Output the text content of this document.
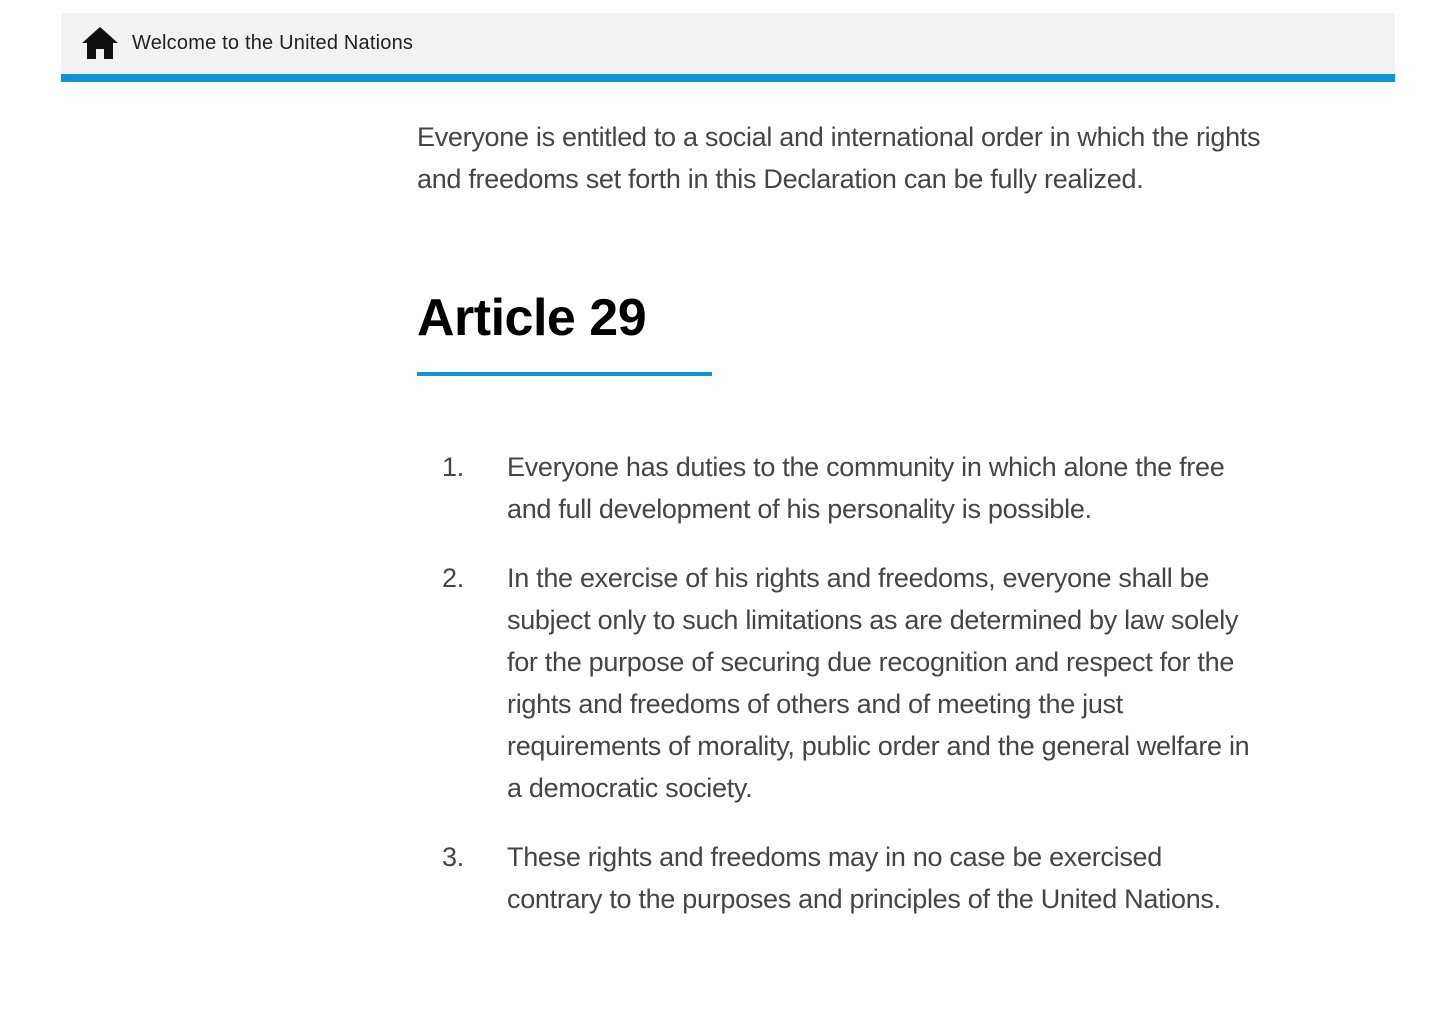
Welcome to the United Nations

Everyone is entitled to a social and international order in which the rights and freedoms set forth in this Declaration can be fully realized.

Article 29
1.	Everyone has duties to the community in which alone the free and full development of his personality is possible.
2.	In the exercise of his rights and freedoms, everyone shall be subject only to such limitations as are determined by law solely for the purpose of securing due recognition and respect for the rights and freedoms of others and of meeting the just requirements of morality, public order and the general welfare in a democratic society.
3.	These rights and freedoms may in no case be exercised contrary to the purposes and principles of the United Nations.
